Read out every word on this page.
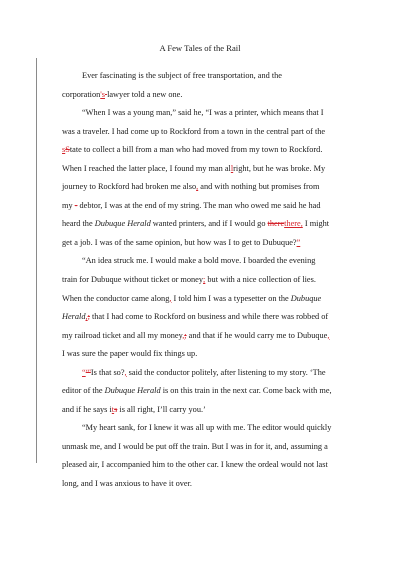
A Few Tales of the Rail
Ever fascinating is the subject of free transportation, and the
corporation's lawyer told a new one.
“When I was a young man,” said he, “I was a printer, which means that I
was a traveler. I had come up to Rockford from a town in the central part of the
sState to collect a bill from a man who had moved from my town to Rockford.
When I reached the latter place, I found my man allright, but he was broke. My
journey to Rockford had broken me also, and with nothing but promises from
my - debtor, I was at the end of my string. The man who owed me said he had
heard the Dubuque Herald wanted printers, and if I would go therethere, I might
get a job. I was of the same opinion, but how was I to get to Dubuque?”
“An idea struck me. I would make a bold move. I boarded the evening
train for Dubuque without ticket or money; but with a nice collection of lies.
When the conductor came along, I told him I was a typesetter on the Dubuque
Herald,; that I had come to Rockford on business and while there was robbed of
my railroad ticket and all my money,; and that if he would carry me to Dubuque,
I was sure the paper would fix things up.
““'Is that so?, said the conductor politely, after listening to my story. ‘The
editor of the Dubuque Herald is on this train in the next car. Come back with me,
and if he says its is all right, I’ll carry you.’
“My heart sank, for I knew it was all up with me. The editor would quickly
unmask me, and I would be put off the train. But I was in for it, and, assuming a
pleased air, I accompanied him to the other car. I knew the ordeal would not last
long, and I was anxious to have it over.
